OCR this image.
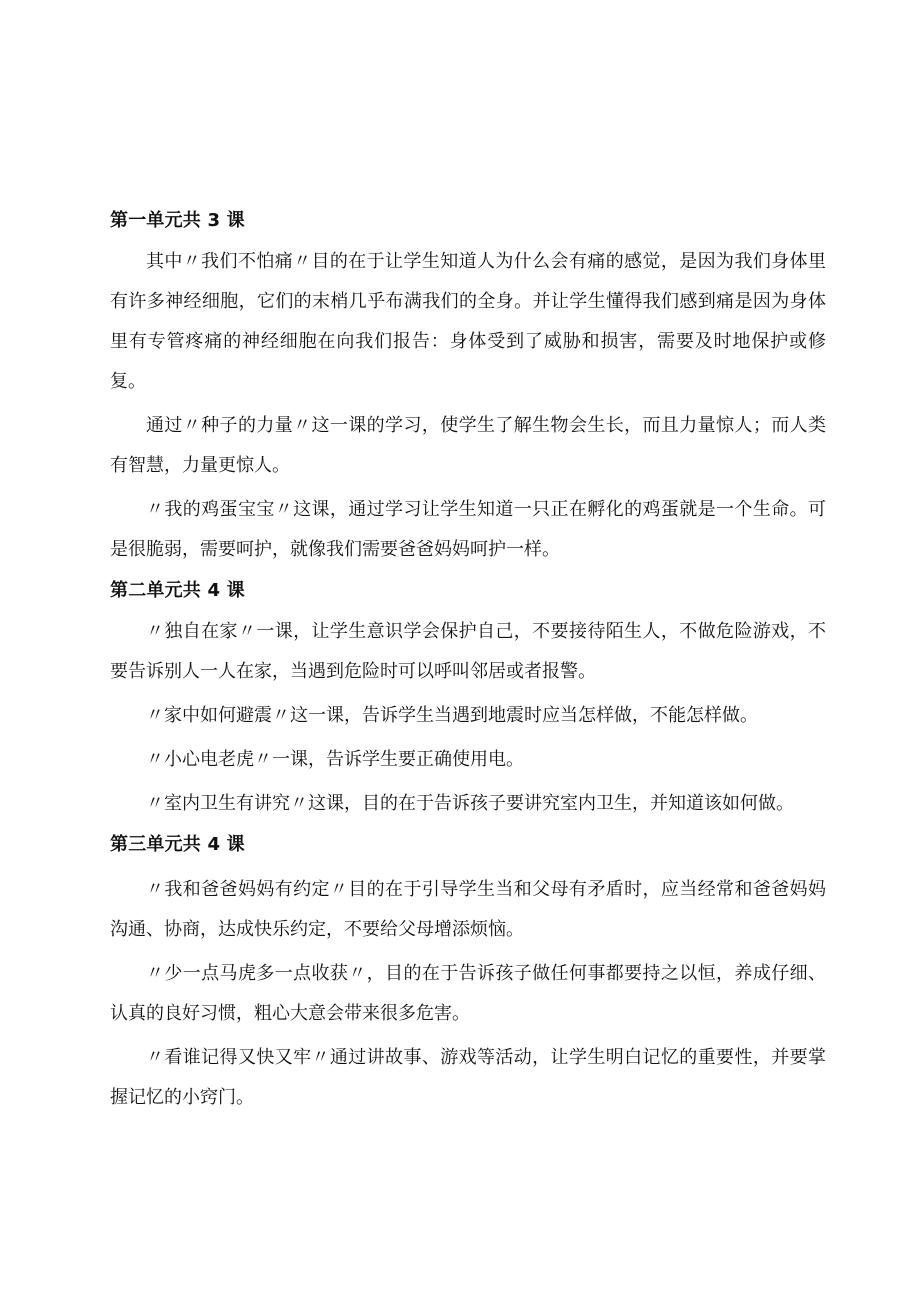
第一单元共 3 课

其中〃我们不怕痛〃目的在于让学生知道人为什么会有痛的感觉，是因为我们身体里有许多神经细胞，它们的末梢几乎布满我们的全身。并让学生懂得我们感到痛是因为身体里有专管疼痛的神经细胞在向我们报告：身体受到了威胁和损害，需要及时地保护或修复。

通过〃种子的力量〃这一课的学习，使学生了解生物会生长，而且力量惊人；而人类有智慧，力量更惊人。

〃我的鸡蛋宝宝〃这课，通过学习让学生知道一只正在孵化的鸡蛋就是一个生命。可是很脆弱，需要呵护，就像我们需要爸爸妈妈呵护一样。

第二单元共 4 课

〃独自在家〃一课，让学生意识学会保护自己，不要接待陌生人，不做危险游戏，不要告诉别人一人在家，当遇到危险时可以呼叫邻居或者报警。

〃家中如何避震〃这一课，告诉学生当遇到地震时应当怎样做，不能怎样做。

〃小心电老虎〃一课，告诉学生要正确使用电。

〃室内卫生有讲究〃这课，目的在于告诉孩子要讲究室内卫生，并知道该如何做。

第三单元共 4 课

〃我和爸爸妈妈有约定〃目的在于引导学生当和父母有矛盾时，应当经常和爸爸妈妈沟通、协商，达成快乐约定，不要给父母增添烦恼。

〃少一点马虎多一点收获〃，目的在于告诉孩子做任何事都要持之以恒，养成仔细、认真的良好习惯，粗心大意会带来很多危害。

〃看谁记得又快又牢〃通过讲故事、游戏等活动，让学生明白记忆的重要性，并要掌握记忆的小窍门。
